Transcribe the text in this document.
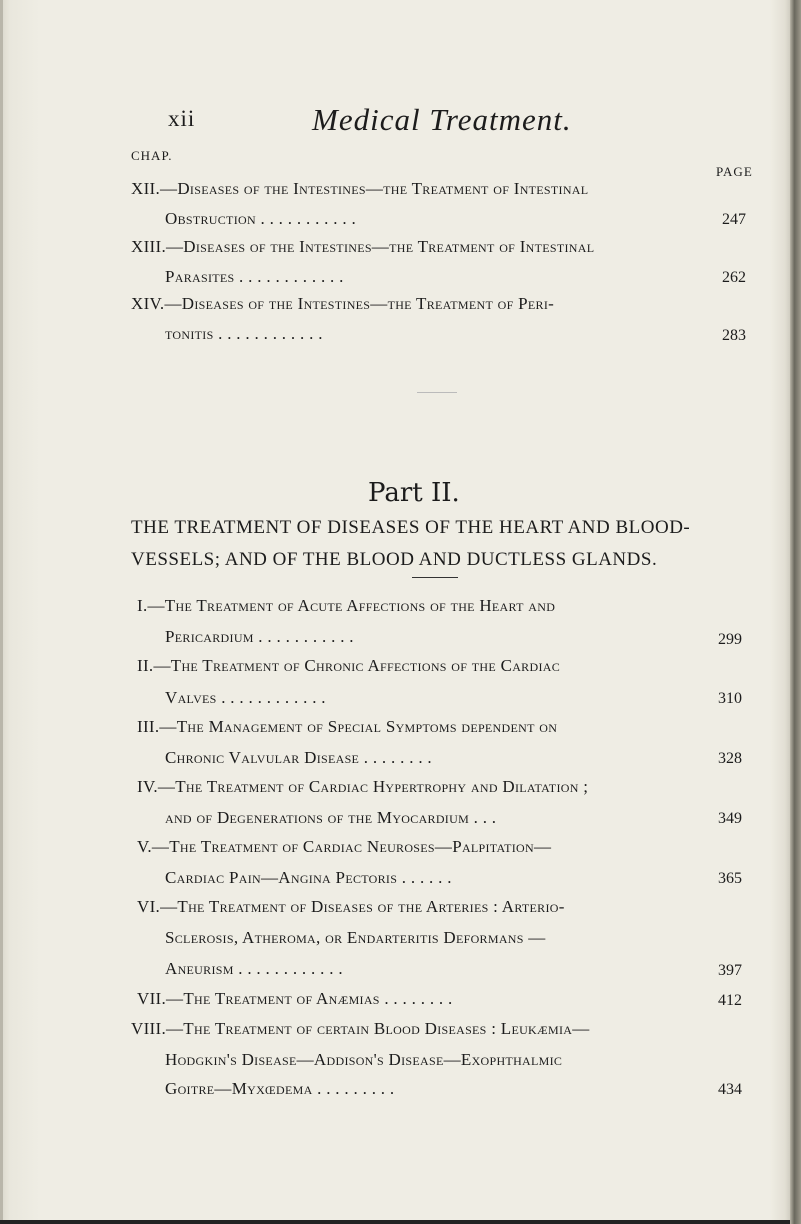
xii	Medical Treatment.
CHAP.
PAGE
XII.—Diseases of the Intestines—the Treatment of Intestinal
Obstruction . . . . . . . . . . .	247
XIII.—Diseases of the Intestines—the Treatment of Intestinal
Parasites . . . . . . . . . . . .	262
XIV.—Diseases of the Intestines—the Treatment of Peri-
tonitis . . . . . . . . . . . .	283
Part II.
THE TREATMENT OF DISEASES OF THE HEART AND BLOOD-
VESSELS; AND OF THE BLOOD AND DUCTLESS GLANDS.
I.—The Treatment of Acute Affections of the Heart and
Pericardium . . . . . . . . . . .	299
II.—The Treatment of Chronic Affections of the Cardiac
Valves . . . . . . . . . . . .	310
III.—The Management of Special Symptoms dependent on
Chronic Valvular Disease . . . . . . . .	328
IV.—The Treatment of Cardiac Hypertrophy and Dilatation ;
and of Degenerations of the Myocardium . . .	349
V.—The Treatment of Cardiac Neuroses—Palpitation—
Cardiac Pain—Angina Pectoris . . . . . .	365
VI.—The Treatment of Diseases of the Arteries : Arterio-
Sclerosis, Atheroma, or Endarteritis Deformans —
Aneurism . . . . . . . . . . . .	397
VII.—The Treatment of Anæmias . . . . . . . .	412
VIII.—The Treatment of certain Blood Diseases : Leukæmia—
Hodgkin's Disease—Addison's Disease—Exophthalmic
Goitre—Myxœdema . . . . . . . . .	434
